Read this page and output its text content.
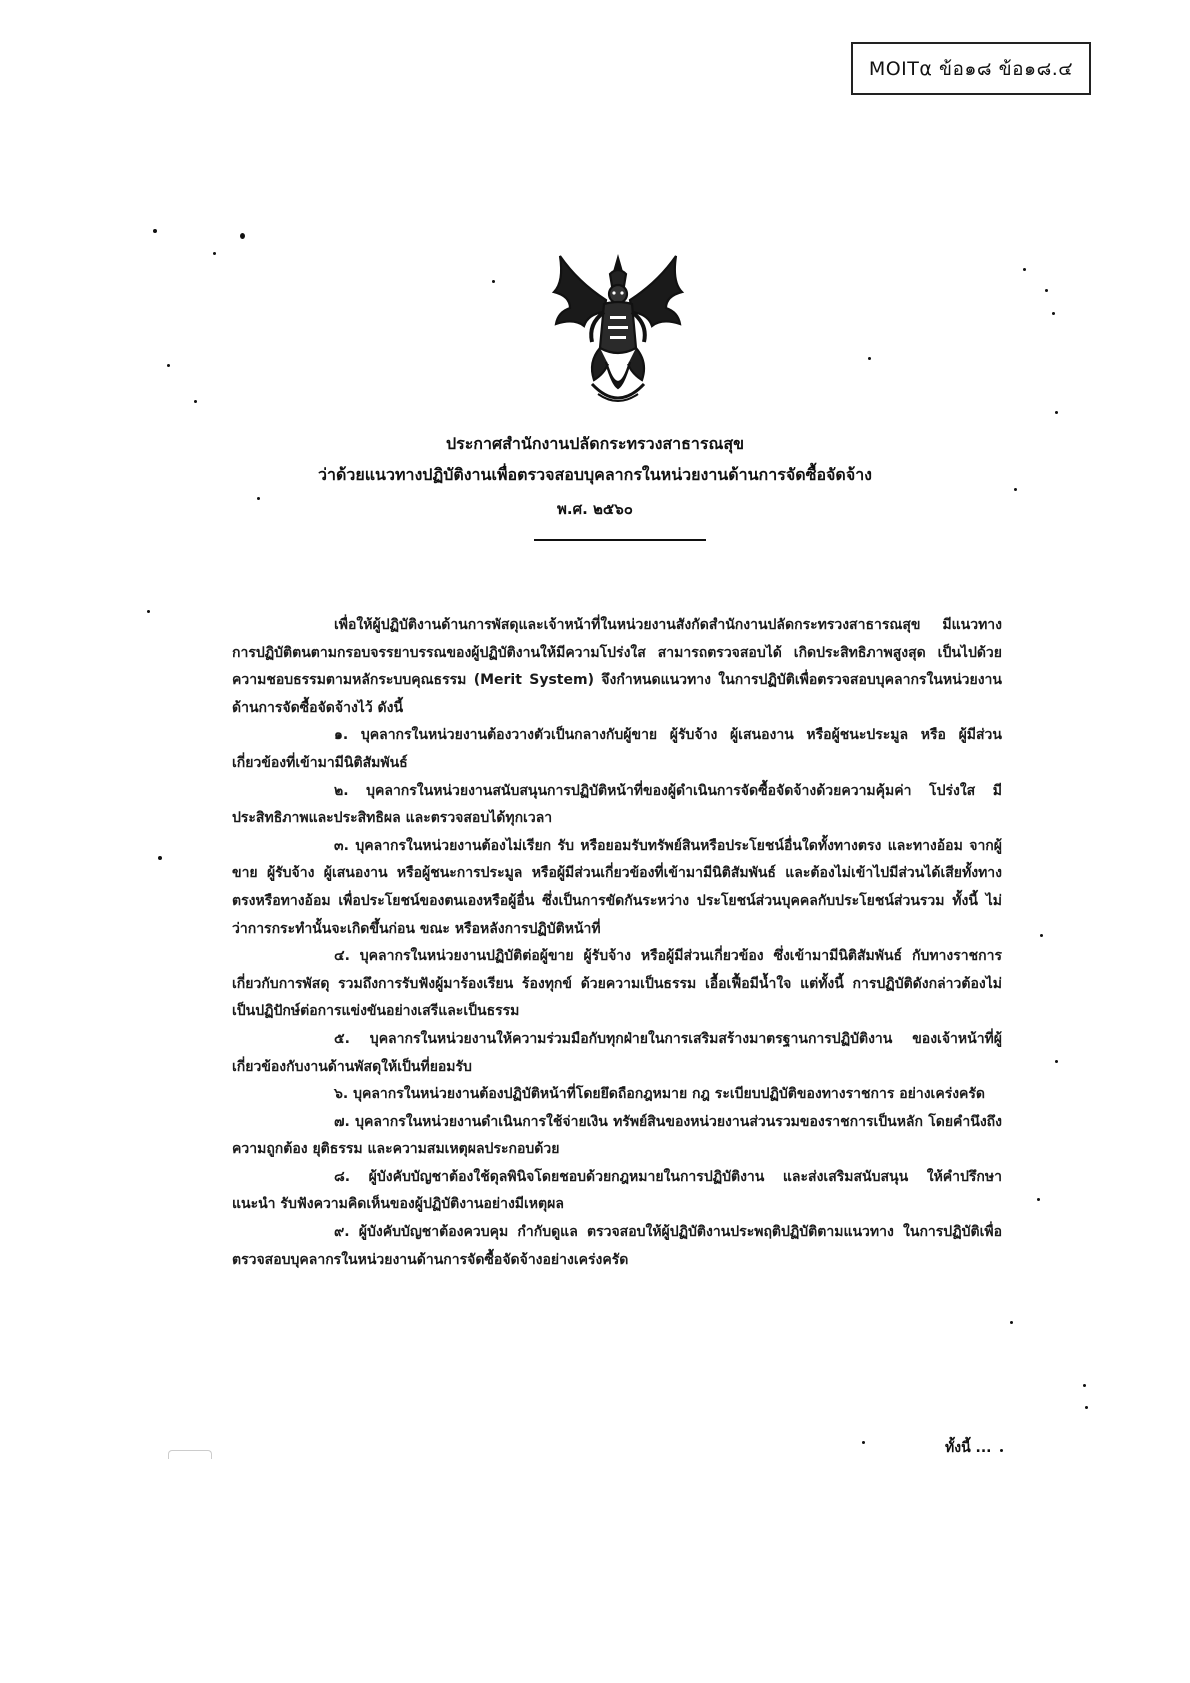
MOITα ข้อ๑๘ ข้อ๑๘.๔
ประกาศสำนักงานปลัดกระทรวงสาธารณสุข
ว่าด้วยแนวทางปฏิบัติงานเพื่อตรวจสอบบุคลากรในหน่วยงานด้านการจัดซื้อจัดจ้าง
พ.ศ. ๒๕๖๐

เพื่อให้ผู้ปฏิบัติงานด้านการพัสดุและเจ้าหน้าที่ในหน่วยงานสังกัดสำนักงานปลัดกระทรวงสาธารณสุข มีแนวทางการปฏิบัติตนตามกรอบจรรยาบรรณของผู้ปฏิบัติงานให้มีความโปร่งใส สามารถตรวจสอบได้ เกิดประสิทธิภาพสูงสุด เป็นไปด้วยความชอบธรรมตามหลักระบบคุณธรรม (Merit System) จึงกำหนดแนวทาง ในการปฏิบัติเพื่อตรวจสอบบุคลากรในหน่วยงานด้านการจัดซื้อจัดจ้างไว้ ดังนี้

๑. บุคลากรในหน่วยงานต้องวางตัวเป็นกลางกับผู้ขาย ผู้รับจ้าง ผู้เสนองาน หรือผู้ชนะประมูล หรือ ผู้มีส่วนเกี่ยวข้องที่เข้ามามีนิติสัมพันธ์

๒. บุคลากรในหน่วยงานสนับสนุนการปฏิบัติหน้าที่ของผู้ดำเนินการจัดซื้อจัดจ้างด้วยความคุ้มค่า โปร่งใส มีประสิทธิภาพและประสิทธิผล และตรวจสอบได้ทุกเวลา

๓. บุคลากรในหน่วยงานต้องไม่เรียก รับ หรือยอมรับทรัพย์สินหรือประโยชน์อื่นใดทั้งทางตรง และทางอ้อม จากผู้ขาย ผู้รับจ้าง ผู้เสนองาน หรือผู้ชนะการประมูล หรือผู้มีส่วนเกี่ยวข้องที่เข้ามามีนิติสัมพันธ์ และต้องไม่เข้าไปมีส่วนได้เสียทั้งทางตรงหรือทางอ้อม เพื่อประโยชน์ของตนเองหรือผู้อื่น ซึ่งเป็นการขัดกันระหว่าง ประโยชน์ส่วนบุคคลกับประโยชน์ส่วนรวม ทั้งนี้ ไม่ว่าการกระทำนั้นจะเกิดขึ้นก่อน ขณะ หรือหลังการปฏิบัติหน้าที่

๔. บุคลากรในหน่วยงานปฏิบัติต่อผู้ขาย ผู้รับจ้าง หรือผู้มีส่วนเกี่ยวข้อง ซึ่งเข้ามามีนิติสัมพันธ์ กับทางราชการเกี่ยวกับการพัสดุ รวมถึงการรับฟังผู้มาร้องเรียน ร้องทุกข์ ด้วยความเป็นธรรม เอื้อเฟื้อมีน้ำใจ แต่ทั้งนี้ การปฏิบัติดังกล่าวต้องไม่เป็นปฏิปักษ์ต่อการแข่งขันอย่างเสรีและเป็นธรรม

๕. บุคลากรในหน่วยงานให้ความร่วมมือกับทุกฝ่ายในการเสริมสร้างมาตรฐานการปฏิบัติงาน ของเจ้าหน้าที่ผู้เกี่ยวข้องกับงานด้านพัสดุให้เป็นที่ยอมรับ

๖. บุคลากรในหน่วยงานต้องปฏิบัติหน้าที่โดยยึดถือกฎหมาย กฎ ระเบียบปฏิบัติของทางราชการ อย่างเคร่งครัด

๗. บุคลากรในหน่วยงานดำเนินการใช้จ่ายเงิน ทรัพย์สินของหน่วยงานส่วนรวมของราชการเป็นหลัก โดยคำนึงถึงความถูกต้อง ยุติธรรม และความสมเหตุผลประกอบด้วย

๘. ผู้บังคับบัญชาต้องใช้ดุลพินิจโดยชอบด้วยกฎหมายในการปฏิบัติงาน และส่งเสริมสนับสนุน ให้คำปรึกษา แนะนำ รับฟังความคิดเห็นของผู้ปฏิบัติงานอย่างมีเหตุผล

๙. ผู้บังคับบัญชาต้องควบคุม กำกับดูแล ตรวจสอบให้ผู้ปฏิบัติงานประพฤติปฏิบัติตามแนวทาง ในการปฏิบัติเพื่อตรวจสอบบุคลากรในหน่วยงานด้านการจัดซื้อจัดจ้างอย่างเคร่งครัด

ทั้งนี้ ...
